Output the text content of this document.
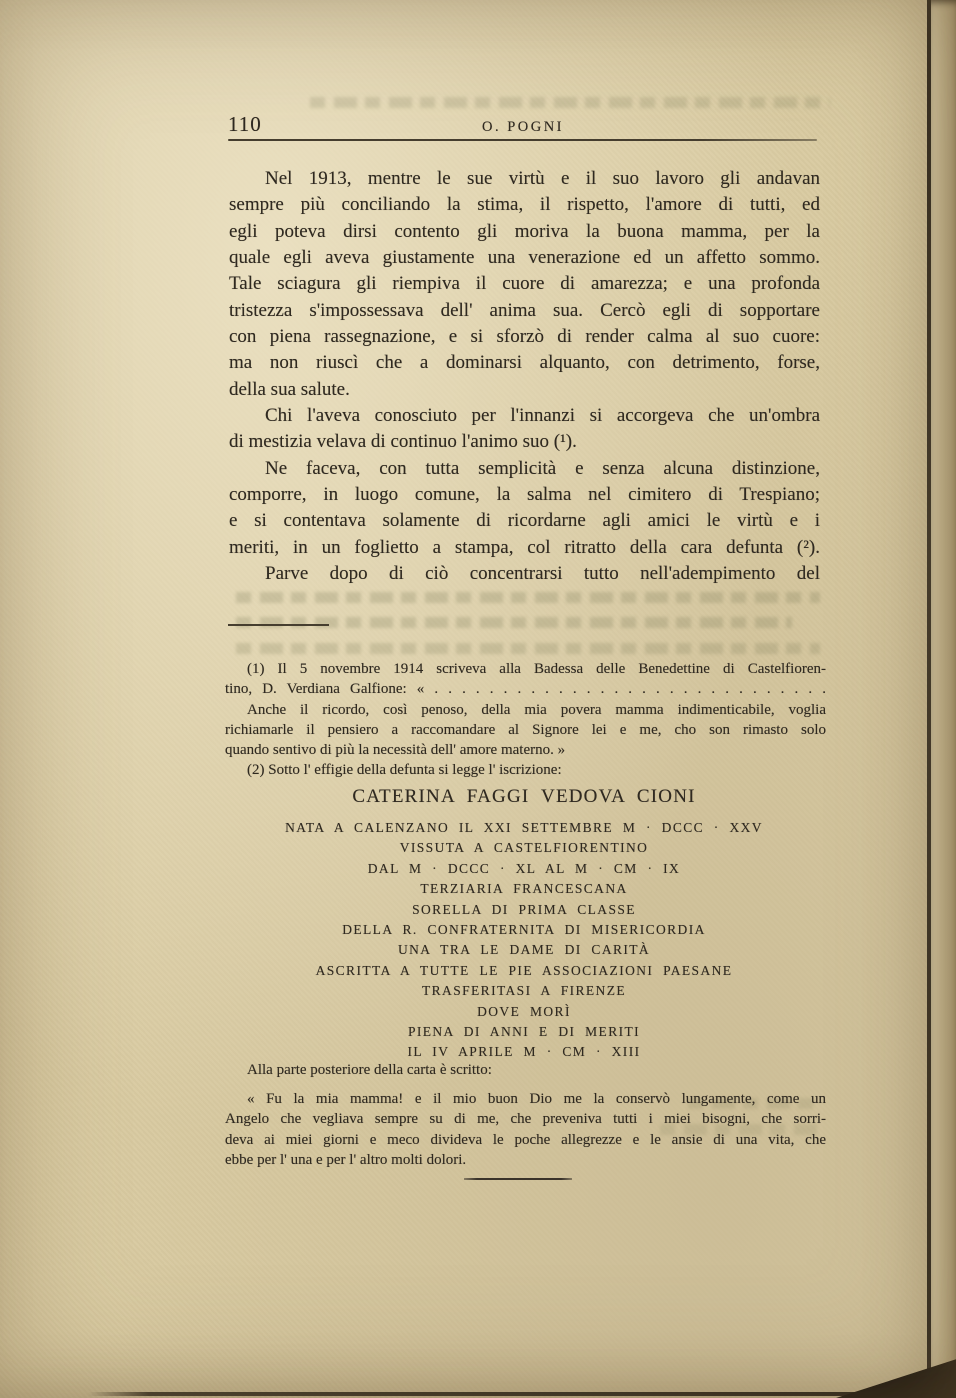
110	O. POGNI
Nel 1913, mentre le sue virtù e il suo lavoro gli andavan
sempre più conciliando la stima, il rispetto, l'amore di tutti, ed
egli poteva dirsi contento gli moriva la buona mamma, per la
quale egli aveva giustamente una venerazione ed un affetto sommo.
Tale sciagura gli riempiva il cuore di amarezza; e una profonda
tristezza s'impossessava dell' anima sua. Cercò egli di sopportare
con piena rassegnazione, e si sforzò di render calma al suo cuore:
ma non riuscì che a dominarsi alquanto, con detrimento, forse,
della sua salute.
Chi l'aveva conosciuto per l'innanzi si accorgeva che un'ombra
di mestizia velava di continuo l'animo suo (¹).
Ne faceva, con tutta semplicità e senza alcuna distinzione,
comporre, in luogo comune, la salma nel cimitero di Trespiano;
e si contentava solamente di ricordarne agli amici le virtù e i
meriti, in un foglietto a stampa, col ritratto della cara defunta (²).
Parve dopo di ciò concentrarsi tutto nell'adempimento del
(1) Il 5 novembre 1914 scriveva alla Badessa delle Benedettine di Castelfioren-
tino, D. Verdiana Galfione: « . . . . . . . . . . . . . . . . . . . . . . . . . . . . .
Anche il ricordo, così penoso, della mia povera mamma indimenticabile, voglia
richiamarle il pensiero a raccomandare al Signore lei e me, cho son rimasto solo
quando sentivo di più la necessità dell' amore materno. »
(2) Sotto l' effigie della defunta si legge l' iscrizione:
CATERINA FAGGI VEDOVA CIONI
NATA A CALENZANO IL XXI SETTEMBRE M · DCCC · XXV
VISSUTA A CASTELFIORENTINO
DAL M · DCCC · XL AL M · CM · IX
TERZIARIA FRANCESCANA
SORELLA DI PRIMA CLASSE
DELLA R. CONFRATERNITA DI MISERICORDIA
UNA TRA LE DAME DI CARITÀ
ASCRITTA A TUTTE LE PIE ASSOCIAZIONI PAESANE
TRASFERITASI A FIRENZE
DOVE MORÌ
PIENA DI ANNI E DI MERITI
IL IV APRILE M · CM · XIII
Alla parte posteriore della carta è scritto:
« Fu la mia mamma! e il mio buon Dio me la conservò lungamente, come un
Angelo che vegliava sempre su di me, che preveniva tutti i miei bisogni, che sorri-
deva ai miei giorni e meco divideva le poche allegrezze e le ansie di una vita, che
ebbe per l' una e per l' altro molti dolori.
